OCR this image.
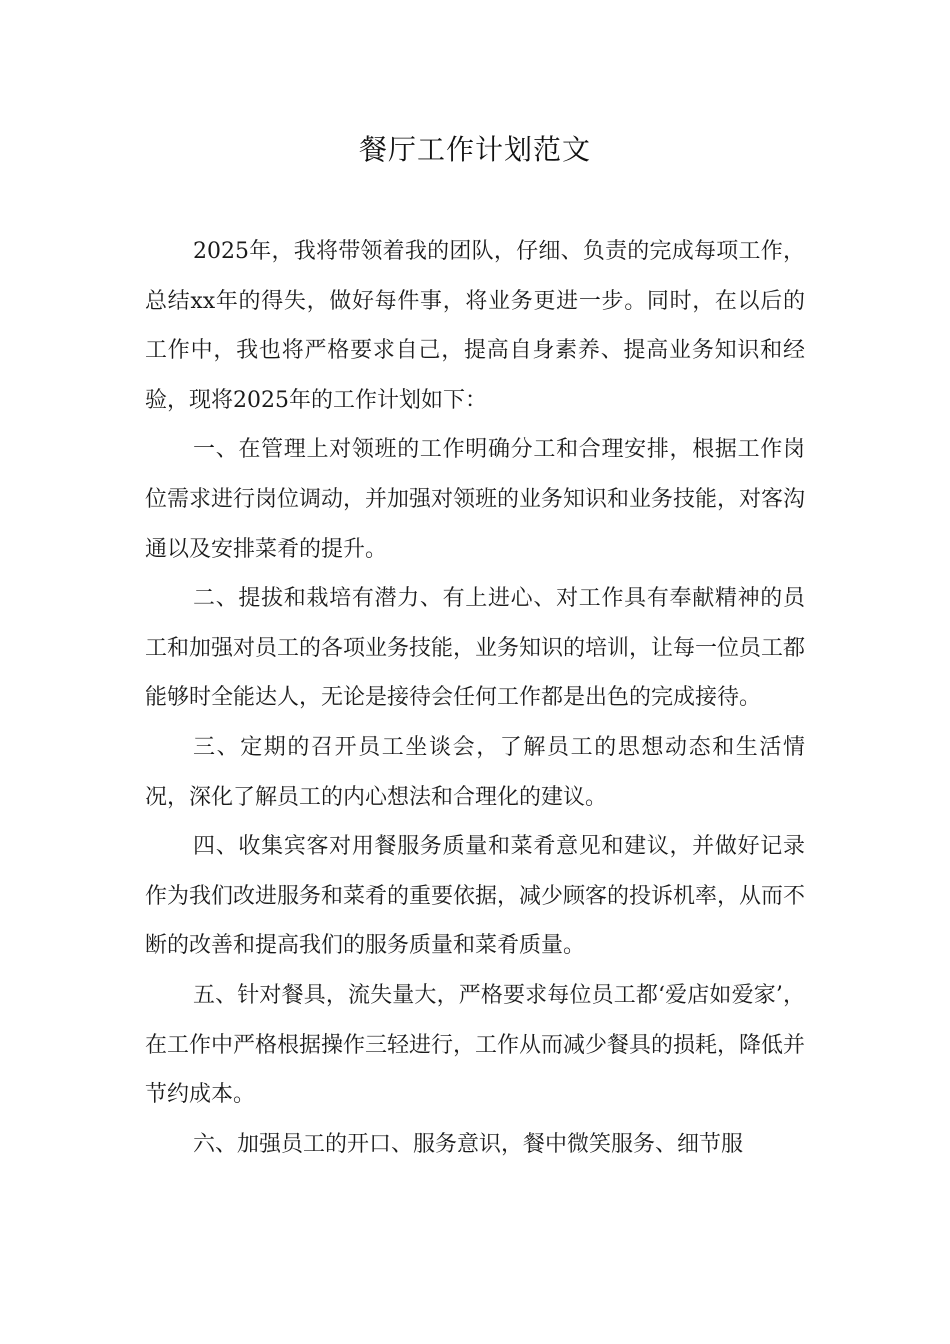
餐厅工作计划范文

2025年，我将带领着我的团队，仔细、负责的完成每项工作，总结xx年的得失，做好每件事，将业务更进一步。同时，在以后的工作中，我也将严格要求自己，提高自身素养、提高业务知识和经验，现将2025年的工作计划如下：

一、在管理上对领班的工作明确分工和合理安排，根据工作岗位需求进行岗位调动，并加强对领班的业务知识和业务技能，对客沟通以及安排菜肴的提升。

二、提拔和栽培有潜力、有上进心、对工作具有奉献精神的员工和加强对员工的各项业务技能，业务知识的培训，让每一位员工都能够时全能达人，无论是接待会任何工作都是出色的完成接待。

三、定期的召开员工坐谈会，了解员工的思想动态和生活情况，深化了解员工的内心想法和合理化的建议。

四、收集宾客对用餐服务质量和菜肴意见和建议，并做好记录作为我们改进服务和菜肴的重要依据，减少顾客的投诉机率，从而不断的改善和提高我们的服务质量和菜肴质量。

五、针对餐具，流失量大，严格要求每位员工都‘爱店如爱家’，在工作中严格根据操作三轻进行，工作从而减少餐具的损耗，降低并节约成本。

六、加强员工的开口、服务意识，餐中微笑服务、细节服
